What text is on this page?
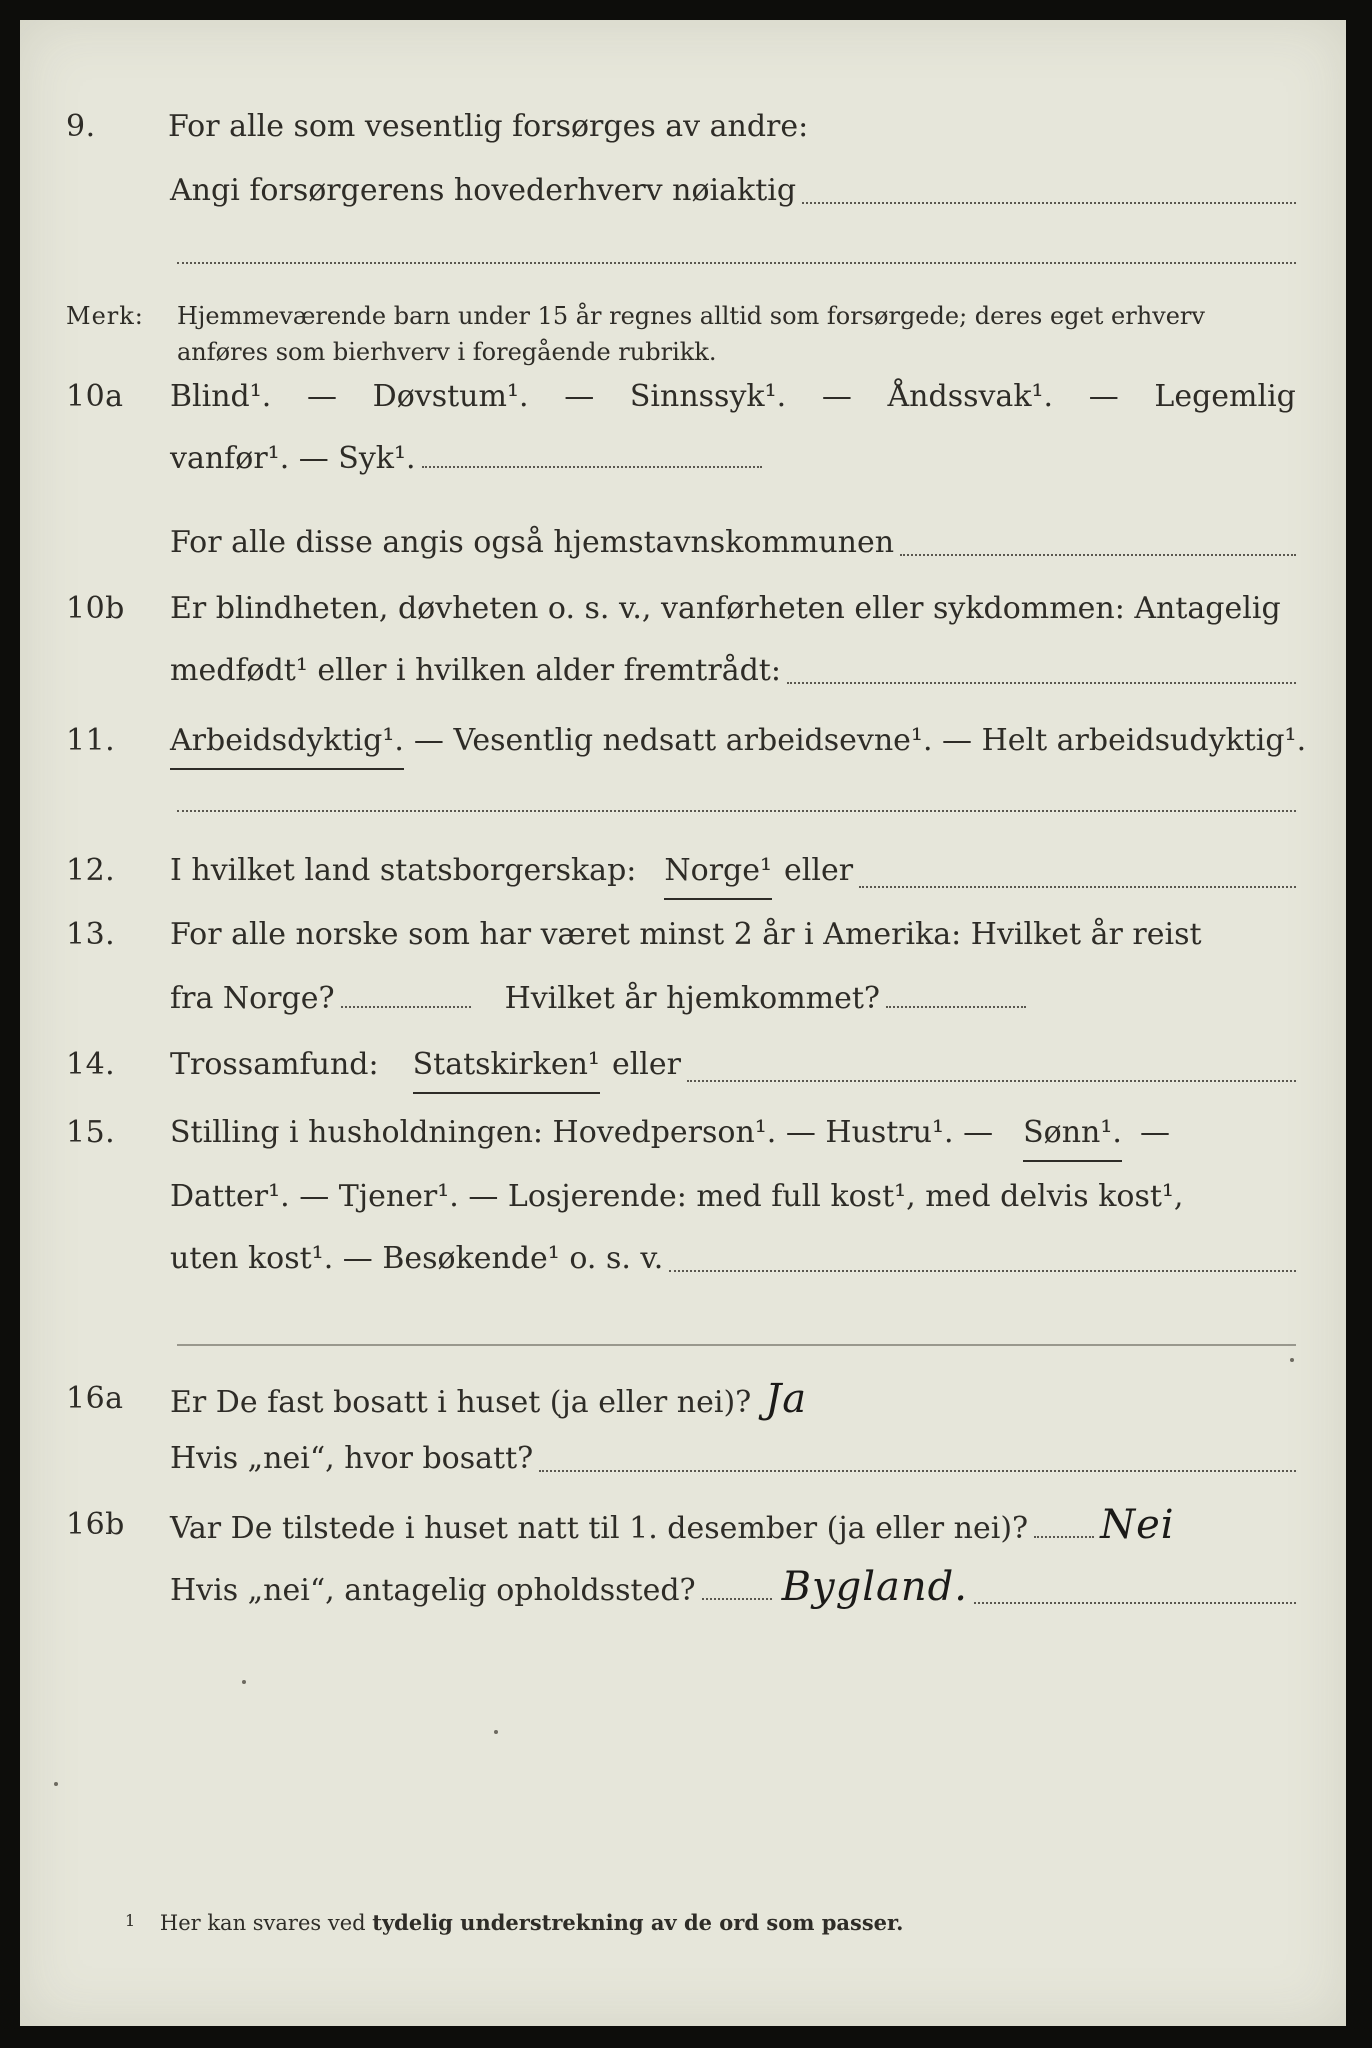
9. For alle som vesentlig forsørges av andre:
Angi forsørgerens hovederhverv nøiaktig
Merk: Hjemmeværende barn under 15 år regnes alltid som forsørgede; deres eget erhverv
anføres som bierhverv i foregående rubrikk.
10a Blind¹. — Døvstum¹. — Sinnssyk¹. — Åndssvak¹. — Legemlig
vanfør¹. — Syk¹.
For alle disse angis også hjemstavnskommunen
10b Er blindheten, døvheten o. s. v., vanførheten eller sykdommen: Antagelig
medfødt¹ eller i hvilken alder fremtrådt:
11. Arbeidsdyktig¹. — Vesentlig nedsatt arbeidsevne¹. — Helt arbeidsudyktig¹.
12. I hvilket land statsborgerskap: Norge¹ eller
13. For alle norske som har været minst 2 år i Amerika: Hvilket år reist
fra Norge?	Hvilket år hjemkommet?
14. Trossamfund: Statskirken¹ eller
15. Stilling i husholdningen: Hovedperson¹. — Hustru¹. — Sønn¹. —
Datter¹. — Tjener¹. — Losjerende: med full kost¹, med delvis kost¹,
uten kost¹. — Besøkende¹ o. s. v.
16a Er De fast bosatt i huset (ja eller nei)? Ja
Hvis „nei“, hvor bosatt?
16b Var De tilstede i huset natt til 1. desember (ja eller nei)? Nei
Hvis „nei“, antagelig opholdssted? Bygland.
$^1$ Her kan svares ved tydelig understrekning av de ord som passer.
